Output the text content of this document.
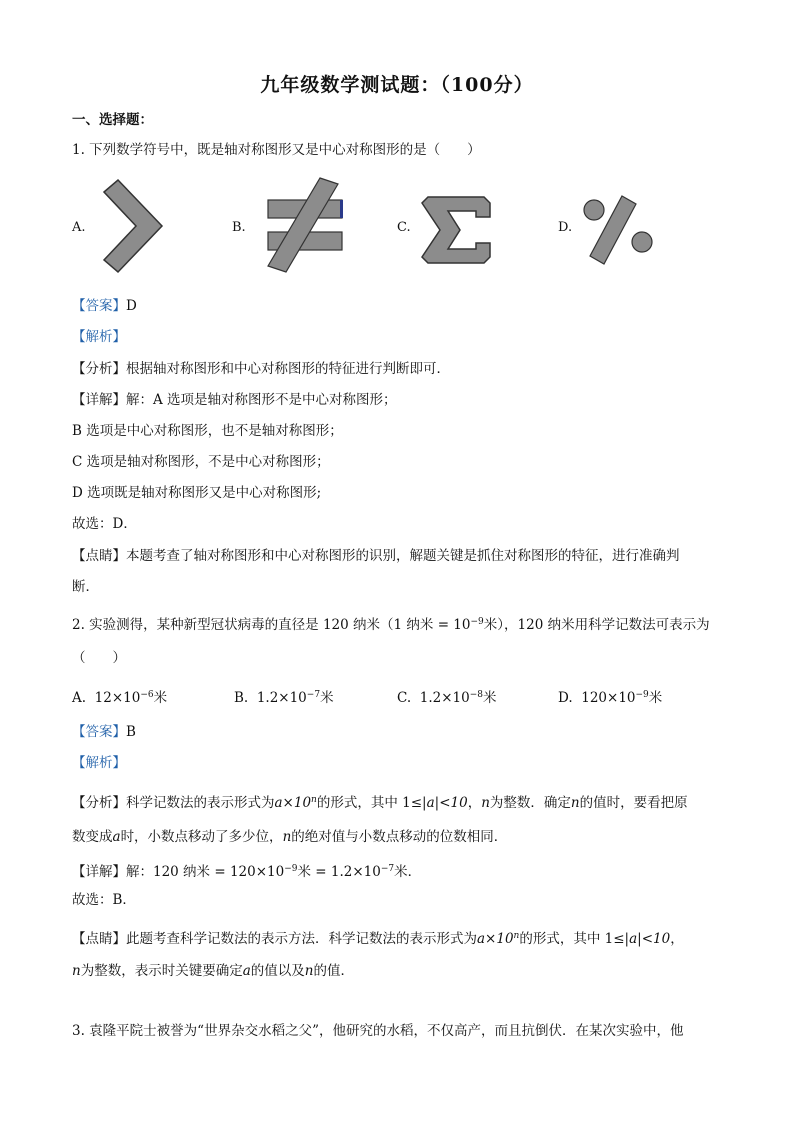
九年级数学测试题：（100分）
一、选择题：
1. 下列数学符号中，既是轴对称图形又是中心对称图形的是（　　）
A.	B.	C.	D.
【答案】D
【解析】
【分析】根据轴对称图形和中心对称图形的特征进行判断即可．
【详解】解：A 选项是轴对称图形不是中心对称图形；
B 选项是中心对称图形，也不是轴对称图形；
C 选项是轴对称图形，不是中心对称图形；
D 选项既是轴对称图形又是中心对称图形;
故选：D．
【点睛】本题考查了轴对称图形和中心对称图形的识别，解题关键是抓住对称图形的特征，进行准确判
断．
2. 实验测得，某种新型冠状病毒的直径是 120 纳米（1 纳米 = $10^{-9}$米），120 纳米用科学记数法可表示为
（　　）
A. $12\times 10^{-6}$米	B. $1.2\times 10^{-7}$米	C. $1.2\times 10^{-8}$米	D. $120\times 10^{-9}$米
【答案】B
【解析】
【分析】科学记数法的表示形式为$a\times 10^n$的形式，其中 1≤|a|<10，n为整数．确定n的值时，要看把原
数变成a时，小数点移动了多少位，n的绝对值与小数点移动的位数相同．
【详解】解：120 纳米 = $120\times 10^{-9}$米 = $1.2\times 10^{-7}$米．
故选：B．
【点睛】此题考查科学记数法的表示方法．科学记数法的表示形式为$a\times 10^n$的形式，其中 1≤|a|<10，
n为整数，表示时关键要确定a的值以及n的值．
3. 袁隆平院士被誉为“世界杂交水稻之父”，他研究的水稻，不仅高产，而且抗倒伏．在某次实验中，他
